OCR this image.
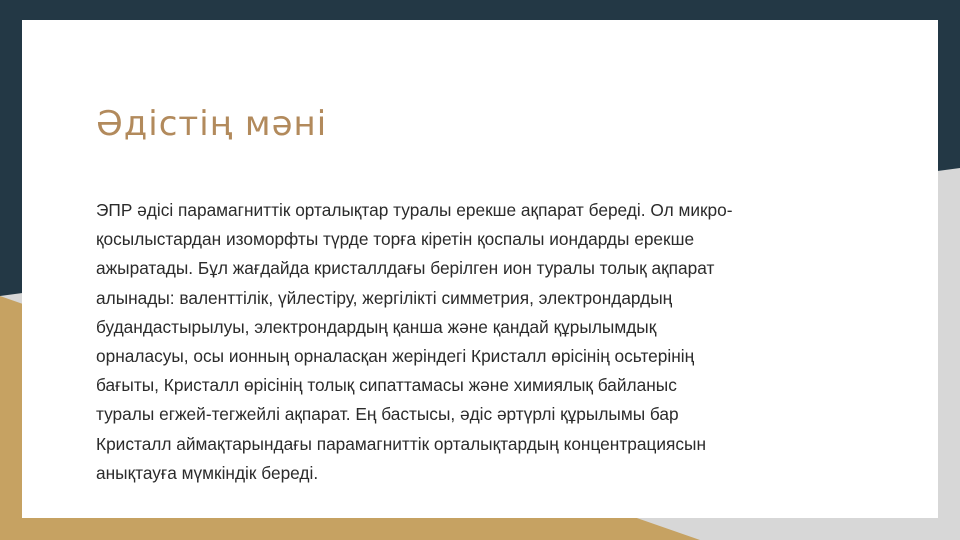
Әдістің мәні
ЭПР әдісі парамагниттік орталықтар туралы ерекше ақпарат береді. Ол микро-
қосылыстардан изоморфты түрде торға кіретін қоспалы иондарды ерекше
ажыратады. Бұл жағдайда кристаллдағы берілген ион туралы толық ақпарат
алынады: валенттілік, үйлестіру, жергілікті симметрия, электрондардың
будандастырылуы, электрондардың қанша және қандай құрылымдық
орналасуы, осы ионның орналасқан жеріндегі Кристалл өрісінің осьтерінің
бағыты, Кристалл өрісінің толық сипаттамасы және химиялық байланыс
туралы егжей-тегжейлі ақпарат. Ең бастысы, әдіс әртүрлі құрылымы бар
Кристалл аймақтарындағы парамагниттік орталықтардың концентрациясын
анықтауға мүмкіндік береді.
